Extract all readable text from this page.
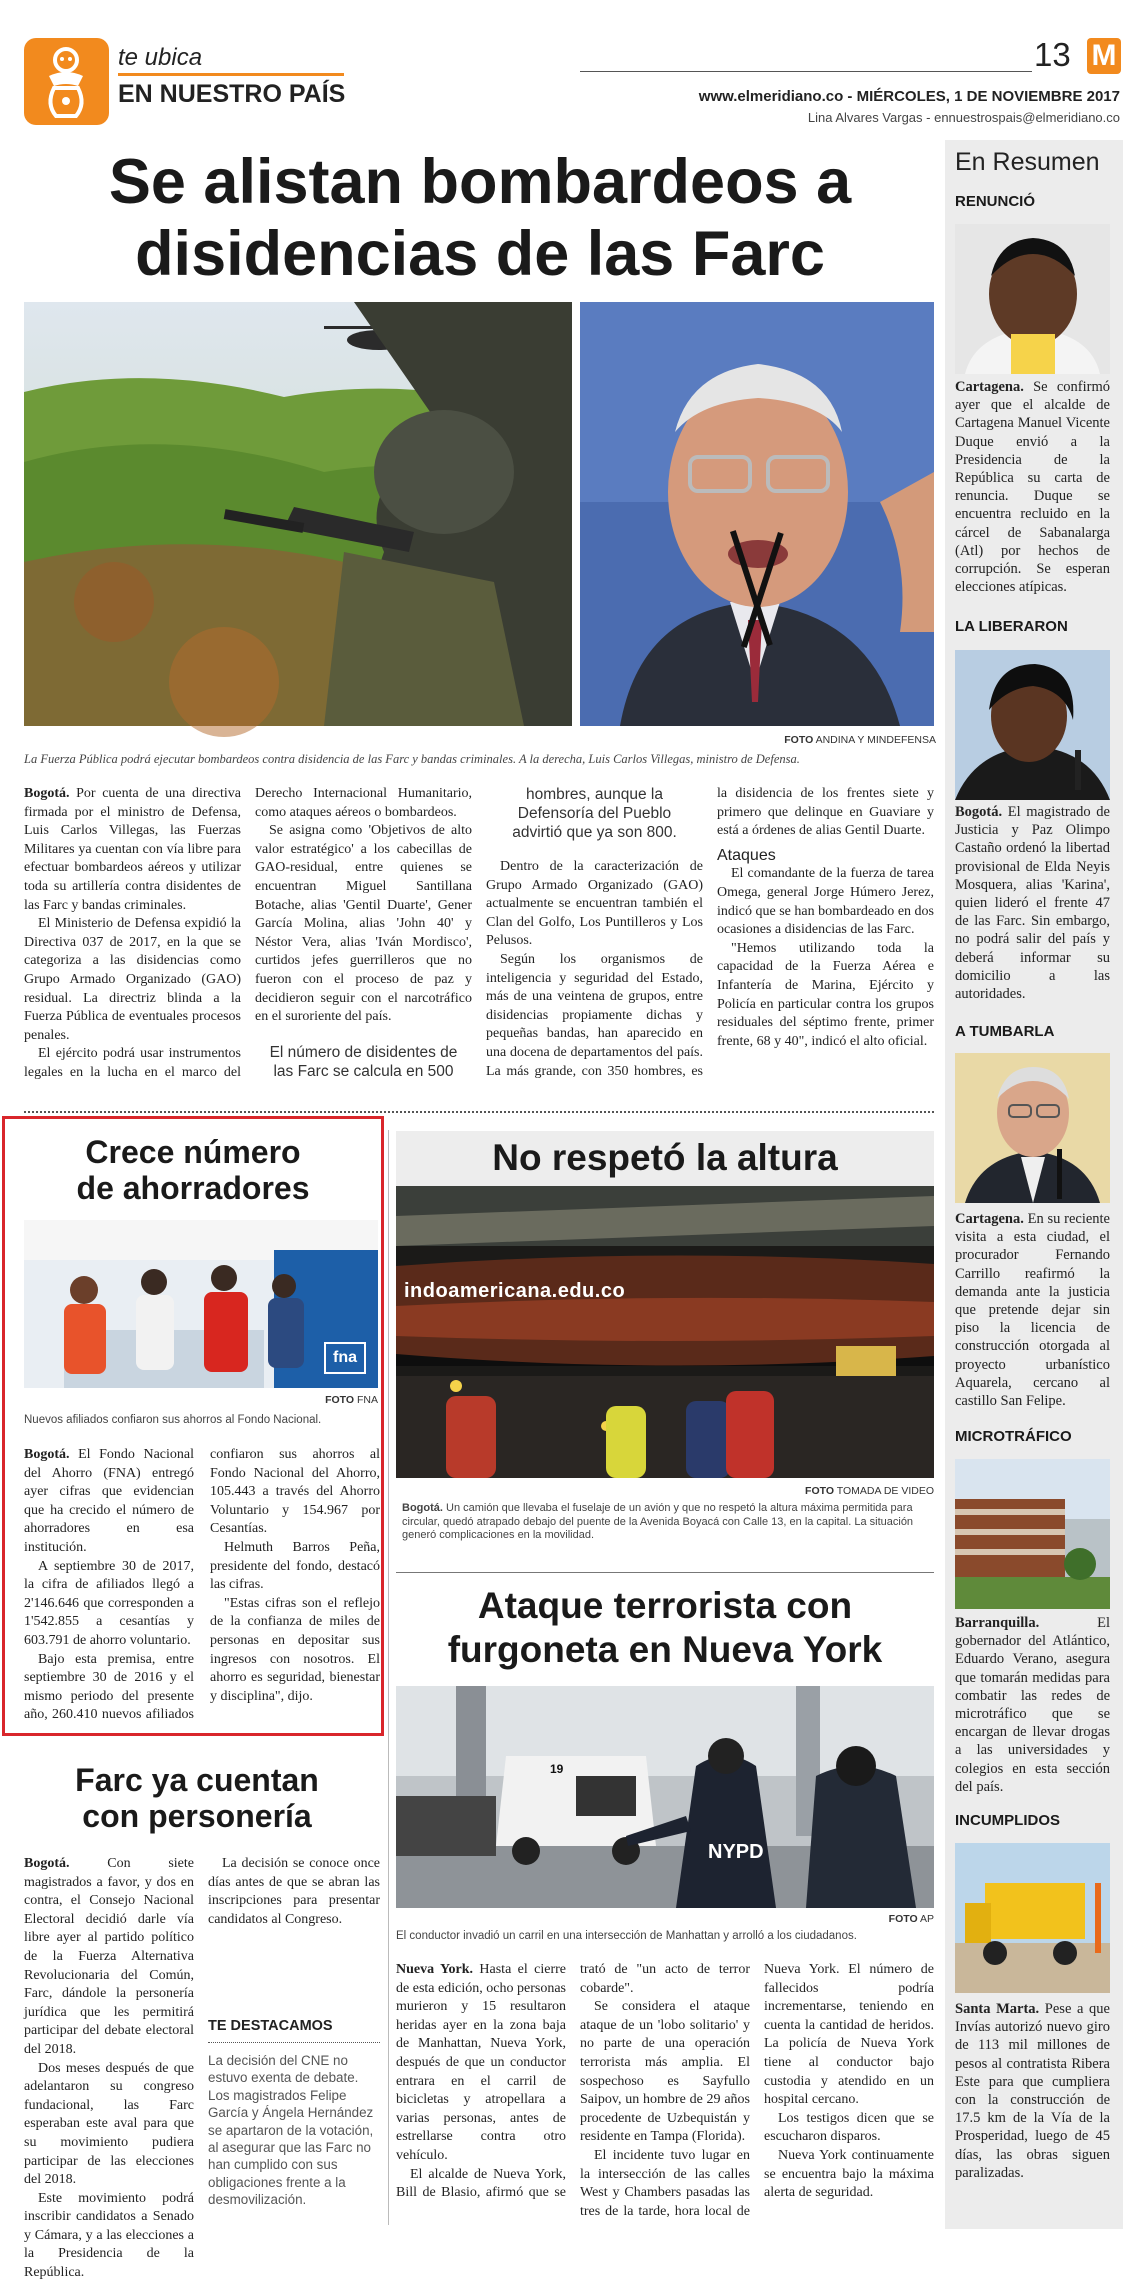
te ubica
EN NUESTRO PAÍS
13 M
www.elmeridiano.co - MIÉRCOLES, 1 DE NOVIEMBRE 2017
Lina Alvares Vargas - ennuestrospais@elmeridiano.co
Se alistan bombardeos a
disidencias de las Farc
FOTO ANDINA Y MINDEFENSA
La Fuerza Pública podrá ejecutar bombardeos contra disidencia de las Farc y bandas criminales. A la derecha, Luis Carlos Villegas, ministro de Defensa.

Bogotá. Por cuenta de una directiva firmada por el ministro de Defensa, Luis Carlos Villegas, las Fuerzas Militares ya cuentan con vía libre para efectuar bombardeos aéreos y utilizar toda su artillería contra disidentes de las Farc y bandas criminales.

El Ministerio de Defensa expidió la Directiva 037 de 2017, en la que se categoriza a las disidencias como Grupo Armado Organizado (GAO) residual. La directriz blinda a la Fuerza Pública de eventuales procesos penales.

El ejército podrá usar instrumentos legales en la lucha en el marco del Derecho Internacional Humanitario, como ataques aéreos o bombardeos.

Se asigna como 'Objetivos de alto valor estratégico' a los cabecillas de GAO-residual, entre quienes se encuentran Miguel Santillana Botache, alias 'Gentil Duarte', Gener García Molina, alias 'John 40' y Néstor Vera, alias 'Iván Mordisco', curtidos jefes guerrilleros que no fueron con el proceso de paz y decidieron seguir con el narcotráfico en el suroriente del país.

El número de disidentes de las Farc se calcula en 500 hombres, aunque la Defensoría del Pueblo advirtió que ya son 800.

Dentro de la caracterización de Grupo Armado Organizado (GAO) actualmente se encuentran también el Clan del Golfo, Los Puntilleros y Los Pelusos.

Según los organismos de inteligencia y seguridad del Estado, más de una veintena de grupos, entre disidencias propiamente dichas y pequeñas bandas, han aparecido en una docena de departamentos del país. La más grande, con 350 hombres, es la disidencia de los frentes siete y primero que delinque en Guaviare y está a órdenes de alias Gentil Duarte.

Ataques

El comandante de la fuerza de tarea Omega, general Jorge Húmero Jerez, indicó que se han bombardeado en dos ocasiones a disidencias de las Farc.

"Hemos utilizando toda la capacidad de la Fuerza Aérea e Infantería de Marina, Ejército y Policía en particular contra los grupos residuales del séptimo frente, primer frente, 68 y 40", indicó el alto oficial.

Crece número
de ahorradores
fna
FOTO FNA
Nuevos afiliados confiaron sus ahorros al Fondo Nacional.

Bogotá. El Fondo Nacional del Ahorro (FNA) entregó ayer cifras que evidencian que ha crecido el número de ahorradores en esa institución.

A septiembre 30 de 2017, la cifra de afiliados llegó a 2'146.646 que corresponden a 1'542.855 a cesantías y 603.791 de ahorro voluntario.

Bajo esta premisa, entre septiembre 30 de 2016 y el mismo periodo del presente año, 260.410 nuevos afiliados confiaron sus ahorros al Fondo Nacional del Ahorro, 105.443 a través del Ahorro Voluntario y 154.967 por Cesantías.

Helmuth Barros Peña, presidente del fondo, destacó las cifras.

"Estas cifras son el reflejo de la confianza de miles de personas en depositar sus ingresos con nosotros. El ahorro es seguridad, bienestar y disciplina", dijo.

No respetó la altura
indoamericana.edu.co
FOTO TOMADA DE VIDEO
Bogotá. Un camión que llevaba el fuselaje de un avión y que no respetó la altura máxima permitida para circular, quedó atrapado debajo del puente de la Avenida Boyacá con Calle 13, en la capital. La situación generó complicaciones en la movilidad.
Farc ya cuentan
con personería

Bogotá.	Con siete magistrados a favor, y dos en contra, el Consejo Nacional Electoral decidió darle vía libre ayer al partido político de la Fuerza Alternativa Revolucionaria del Común, Farc, dándole la personería jurídica que les permitirá participar del debate electoral del 2018.

Dos meses después de que adelantaron su congreso fundacional, las Farc esperaban este aval para que su movimiento pudiera participar de las elecciones del 2018.

Este movimiento podrá inscribir candidatos a Senado y Cámara, y a las elecciones a la Presidencia de la República.

La decisión se conoce once días antes de que se abran las inscripciones para presentar candidatos al Congreso.

TE DESTACAMOS
La decisión del CNE no estuvo exenta de debate. Los magistrados Felipe García y Ángela Hernández se apartaron de la votación, al asegurar que las Farc no han cumplido con sus obligaciones frente a la desmovilización.
Ataque terrorista con
furgoneta en Nueva York
19
NYPD
FOTO AP
El conductor invadió un carril en una intersección de Manhattan y arrolló a los ciudadanos.

Nueva York. Hasta el cierre de esta edición, ocho personas murieron y 15 resultaron heridas ayer en la zona baja de Manhattan, Nueva York, después de que un conductor entrara en el carril de bicicletas y atropellara a varias personas, antes de estrellarse contra otro vehículo.

El alcalde de Nueva York, Bill de Blasio, afirmó que se trató de "un acto de terror cobarde".

Se considera el ataque ataque de un 'lobo solitario' y no parte de una operación terrorista más amplia. El sospechoso es Sayfullo Saipov, un hombre de 29 años procedente de Uzbequistán y residente en Tampa (Florida).

El incidente tuvo lugar en la intersección de las calles West y Chambers pasadas las tres de la tarde, hora local de Nueva York. El número de fallecidos podría incrementarse, teniendo en cuenta la cantidad de heridos. La policía de Nueva York tiene al conductor bajo custodia y atendido en un hospital cercano.

Los testigos dicen que se escucharon disparos.

Nueva York continuamente se encuentra bajo la máxima alerta de seguridad.

En Resumen
RENUNCIÓ
Cartagena. Se confirmó ayer que el alcalde de Cartagena Manuel Vicente Duque envió a la Presidencia de la República su carta de renuncia. Duque se encuentra recluido en la cárcel de Sabanalarga (Atl) por hechos de corrupción. Se esperan elecciones atípicas.
LA LIBERARON
Bogotá. El magistrado de Justicia y Paz Olimpo Castaño ordenó la libertad provisional de Elda Neyis Mosquera, alias 'Karina', quien lideró el frente 47 de las Farc. Sin embargo, no podrá salir del país y deberá informar su domicilio a las autoridades.
A TUMBARLA
Cartagena. En su reciente visita a esta ciudad, el procurador Fernando Carrillo reafirmó la demanda ante la justicia que pretende dejar sin piso la licencia de construcción otorgada al proyecto urbanístico Aquarela, cercano al castillo San Felipe.
MICROTRÁFICO
Barranquilla.	El gobernador del Atlántico, Eduardo Verano, asegura que tomarán medidas para combatir las redes de microtráfico que se encargan de llevar drogas a las universidades y colegios en esta sección del país.
INCUMPLIDOS
Santa Marta. Pese a que Invías autorizó nuevo giro de 113 mil millones de pesos al contratista Ribera Este para que cumpliera con la construcción de 17.5 km de la Vía de la Prosperidad, luego de 45 días, las obras siguen paralizadas.
